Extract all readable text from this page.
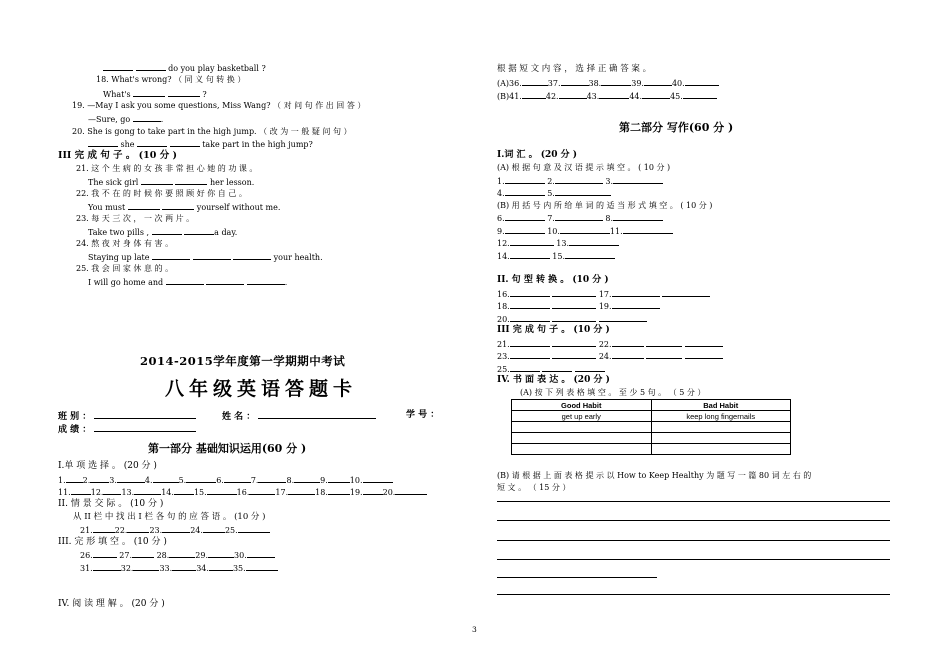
do you play basketball ?
18. What's wrong? （ 同 义 句 转 换 ）
What's	?
19. —May I ask you some questions, Miss Wang? （ 对 问 句 作 出 回 答 ）
—Sure, go	.
20. She is gong to take part in the high jump. （ 改 为 一 般 疑 问 句 ）
she	take part in the high jump?
III 完 成 句 子 。 (10 分 )
21. 这 个 生 病 的 女 孩 非 常 担 心 她 的 功 课 。
The sick girl	her lesson.
22. 我 不 在 的 时 候 你 要 照 顾 好 你 自 己 。
You must	yourself without me.
23. 每 天 三 次 ， 一 次 两 片 。
Take two pills ,	a day.
24. 熬 夜 对 身 体 有 害 。
Staying up late	your health.
25. 我 会 回 家 休 息 的 。
I will go home and	.
2014-2015学年度第一学期期中考试
八年级英语答题卡
班 别 ：	姓 名 ：	学 号 ：
成 绩 ：
第一部分 基础知识运用(60 分 )
I.单 项 选 择 。 (20 分 )
1. 2. 3.	4.	5.	6.	7.	8.	9.	10.
11.	12. 13.	14.	15.	16.	17.	18.	19.	20.
II. 情 景 交 际 。 (10 分 )
从 II 栏 中 找 出 I 栏 各 句 的 应 答 语 。 (10 分 )
21.	22.	23.	24.	25.
III. 完 形 填 空 。 (10 分 )
26.	27.	28.	29.	30.
31.	32.	33.	34.	35.
IV. 阅 读 理 解 。 (20 分 )
根 据 短 文 内 容 ， 选 择 正 确 答 案 。
(A)36.	37.	38.	39.	40.
(B)41.	42.	43.	44.	45.
第二部分 写作(60 分 )
I.词 汇 。 (20 分 )
(A) 根 据 句 意 及 汉 语 提 示 填 空 。 ( 10 分 )
1.	2.	3.
4.	5.
(B) 用 括 号 内 所 给 单 词 的 适 当 形 式 填 空 。 ( 10 分 )
6.	7.	8.
9.	10.	11.
12.	13.
14.	15.
II. 句 型 转 换 。 (10 分 )
16.	17.
18.	19.
20.
III 完 成 句 子 。 (10 分 )
21.	22.
23.	24.
25.
IV. 书 面 表 达 。 (20 分 )
(A) 按 下 列 表 格 填 空 。 至 少 5 句 。 （ 5 分 ）
Good Habit	Bad Habit
get up early	keep long fingernails

(B) 请 根 据 上 面 表 格 提 示 以 How to Keep Healthy 为 题 写 一 篇 80 词 左 右 的
短 文 。 （ 15 分 ）
3
